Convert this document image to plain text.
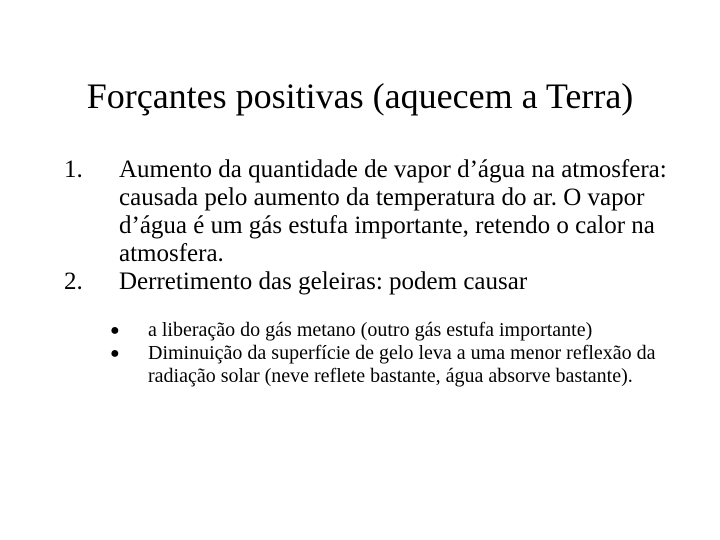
Forçantes positivas (aquecem a Terra)
1. Aumento da quantidade de vapor d’água na atmosfera: causada pelo aumento da temperatura do ar. O vapor d’água é um gás estufa importante, retendo o calor na atmosfera.
2. Derretimento das geleiras: podem causar
● a liberação do gás metano (outro gás estufa importante)
● Diminuição da superfície de gelo leva a uma menor reflexão da radiação solar (neve reflete bastante, água absorve bastante).
